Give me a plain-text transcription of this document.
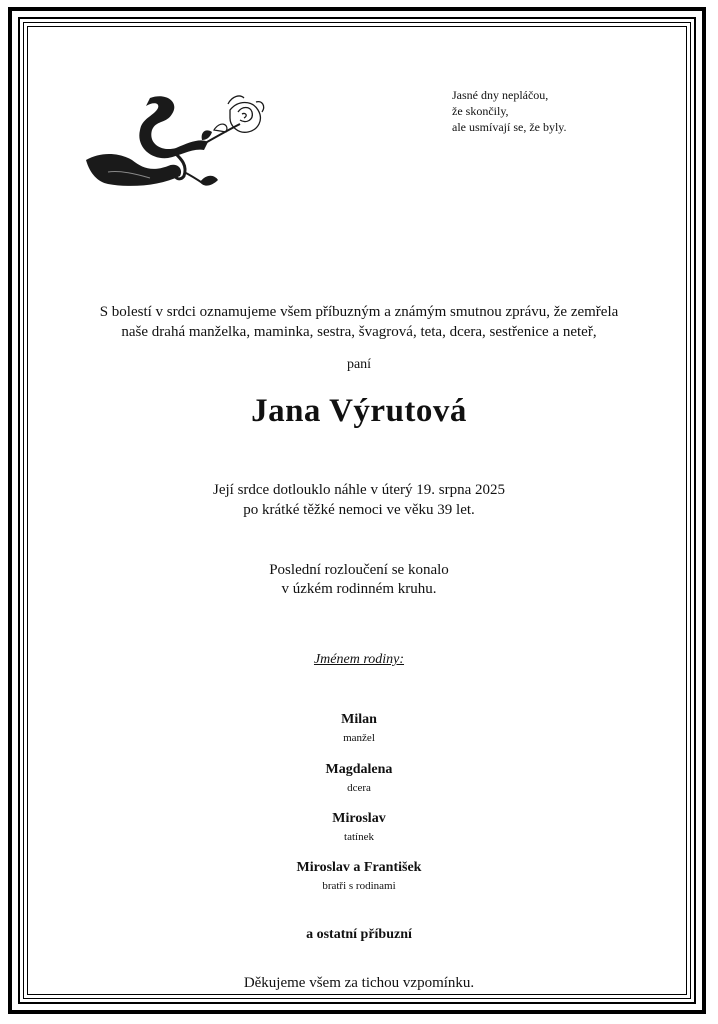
Jasné dny nepláčou,
že skončily,
ale usmívají se, že byly.
S bolestí v srdci oznamujeme všem příbuzným a známým smutnou zprávu, že zemřela
naše drahá manželka, maminka, sestra, švagrová, teta, dcera, sestřenice a neteř,
paní
Jana Výrutová
Její srdce dotlouklo náhle v úterý 19. srpna 2025
po krátké těžké nemoci ve věku 39 let.
Poslední rozloučení se konalo
v úzkém rodinném kruhu.
Jménem rodiny:
Milan
manžel
Magdalena
dcera
Miroslav
tatínek
Miroslav a František
bratři s rodinami
a ostatní příbuzní
Děkujeme všem za tichou vzpomínku.
